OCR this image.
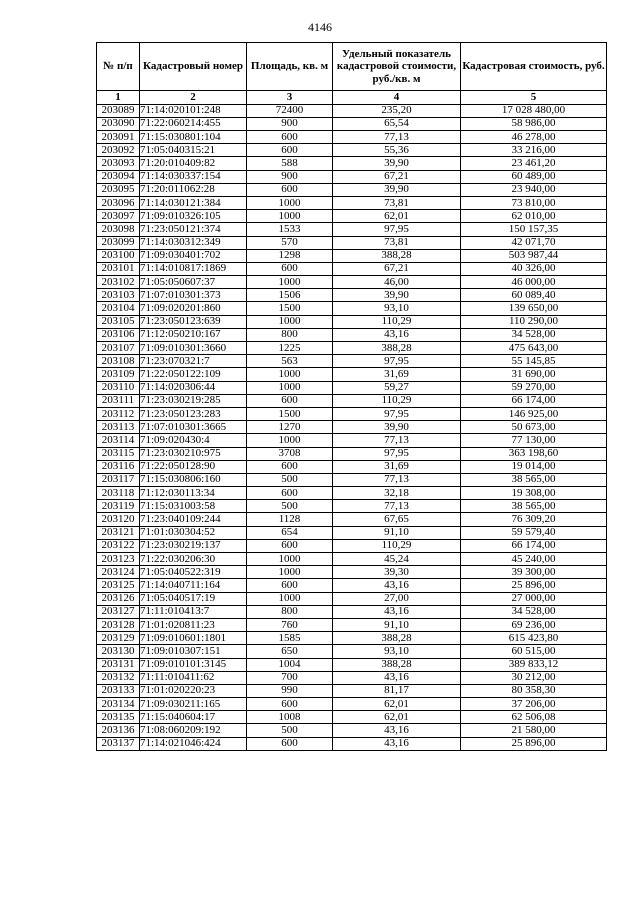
4146
№ п/п	Кадастровый номер	Площадь, кв. м	Удельный показатель кадастровой стоимости, руб./кв. м	Кадастровая стоимость, руб.
1	2	3	4	5
203089	71:14:020101:248	72400	235,20	17 028 480,00
203090	71:22:060214:455	900	65,54	58 986,00
203091	71:15:030801:104	600	77,13	46 278,00
203092	71:05:040315:21	600	55,36	33 216,00
203093	71:20:010409:82	588	39,90	23 461,20
203094	71:14:030337:154	900	67,21	60 489,00
203095	71:20:011062:28	600	39,90	23 940,00
203096	71:14:030121:384	1000	73,81	73 810,00
203097	71:09:010326:105	1000	62,01	62 010,00
203098	71:23:050121:374	1533	97,95	150 157,35
203099	71:14:030312:349	570	73,81	42 071,70
203100	71:09:030401:702	1298	388,28	503 987,44
203101	71:14:010817:1869	600	67,21	40 326,00
203102	71:05:050607:37	1000	46,00	46 000,00
203103	71:07:010301:373	1506	39,90	60 089,40
203104	71:09:020201:860	1500	93,10	139 650,00
203105	71:23:050123:639	1000	110,29	110 290,00
203106	71:12:050210:167	800	43,16	34 528,00
203107	71:09:010301:3660	1225	388,28	475 643,00
203108	71:23:070321:7	563	97,95	55 145,85
203109	71:22:050122:109	1000	31,69	31 690,00
203110	71:14:020306:44	1000	59,27	59 270,00
203111	71:23:030219:285	600	110,29	66 174,00
203112	71:23:050123:283	1500	97,95	146 925,00
203113	71:07:010301:3665	1270	39,90	50 673,00
203114	71:09:020430:4	1000	77,13	77 130,00
203115	71:23:030210:975	3708	97,95	363 198,60
203116	71:22:050128:90	600	31,69	19 014,00
203117	71:15:030806:160	500	77,13	38 565,00
203118	71:12:030113:34	600	32,18	19 308,00
203119	71:15:031003:58	500	77,13	38 565,00
203120	71:23:040109:244	1128	67,65	76 309,20
203121	71:01:030304:52	654	91,10	59 579,40
203122	71:23:030219:137	600	110,29	66 174,00
203123	71:22:030206:30	1000	45,24	45 240,00
203124	71:05:040522:319	1000	39,30	39 300,00
203125	71:14:040711:164	600	43,16	25 896,00
203126	71:05:040517:19	1000	27,00	27 000,00
203127	71:11:010413:7	800	43,16	34 528,00
203128	71:01:020811:23	760	91,10	69 236,00
203129	71:09:010601:1801	1585	388,28	615 423,80
203130	71:09:010307:151	650	93,10	60 515,00
203131	71:09:010101:3145	1004	388,28	389 833,12
203132	71:11:010411:62	700	43,16	30 212,00
203133	71:01:020220:23	990	81,17	80 358,30
203134	71:09:030211:165	600	62,01	37 206,00
203135	71:15:040604:17	1008	62,01	62 506,08
203136	71:08:060209:192	500	43,16	21 580,00
203137	71:14:021046:424	600	43,16	25 896,00
